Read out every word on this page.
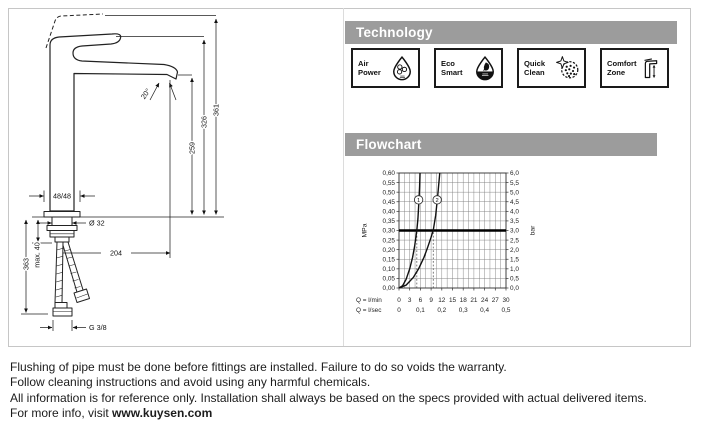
361
326
259
20°
48/48
Ø 32
max. 40
363
204
G 3/8
Technology
Air
Power
Eco
Smart
Quick
Clean
Comfort
Zone
Flowchart
0,60
0,55
0,50
0,45
0,40
0,35
0,30
0,25
0,20
0,15
0,10
0,05
0,00
6,0
5,5
5,0
4,5
4,0
3,5
3,0
2,5
2,0
1,5
1,0
0,5
0,0
MPa	bar
1	2
Q = l/min 0 3 6 9 12 15 18 21 24 27 30
Q = l/sec 0 0,1 0,2 0,3 0,4 0,5
Flushing of pipe must be done before fittings are installed. Failure to do so voids the warranty.
Follow cleaning instructions and avoid using any harmful chemicals.
All information is for reference only. Installation shall always be based on the specs provided with actual delivered items.
For more info, visit www.kuysen.com
